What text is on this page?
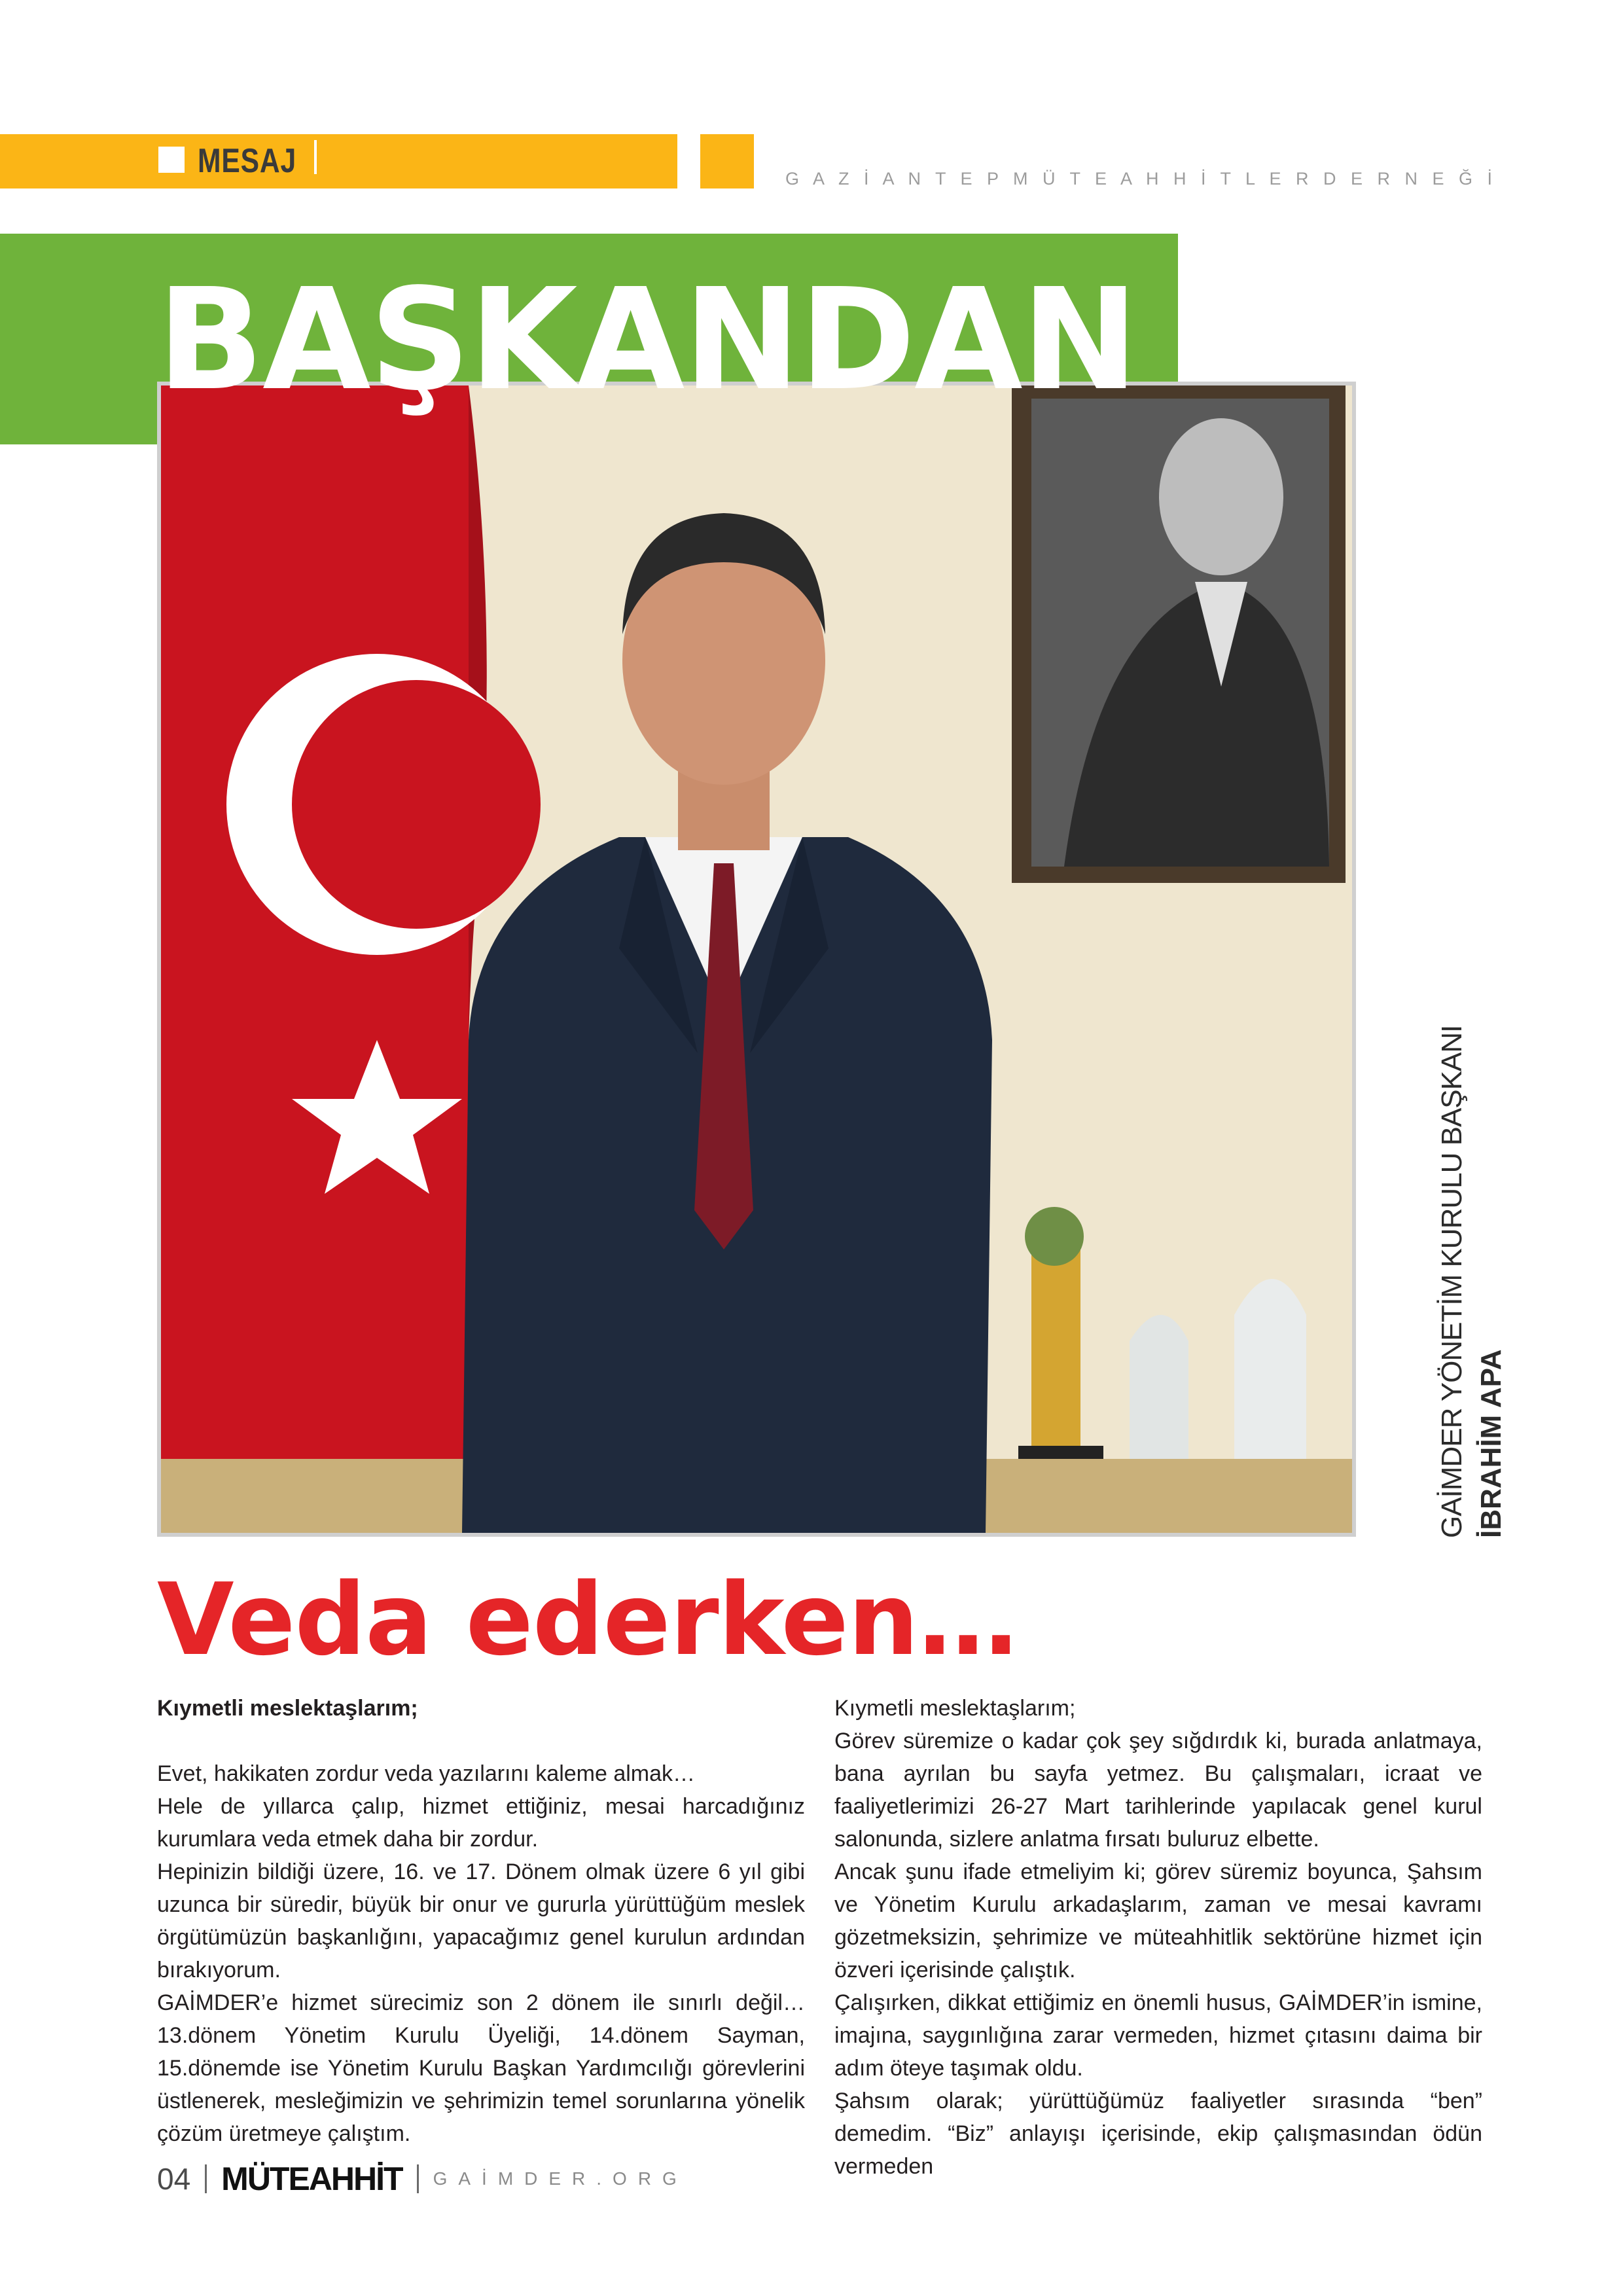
MESAJ	G A Z İ A N T E P M Ü T E A H H İ T L E R D E R N E Ğ İ
BAŞKANDAN
GAİMDER YÖNETİM KURULU BAŞKANI İBRAHİM APA
Veda ederken…

Kıymetli meslektaşlarım;

Evet, hakikaten zordur veda yazılarını kaleme almak…

Hele de yıllarca çalıp, hizmet ettiğiniz, mesai harcadığınız kurumlara veda etmek daha bir zordur.

Hepinizin bildiği üzere, 16. ve 17. Dönem olmak üzere 6 yıl gibi uzunca bir süredir, büyük bir onur ve gururla yürüttüğüm meslek örgütümüzün başkanlığını, yapacağımız genel kurulun ardından bırakıyorum.

GAİMDER’e hizmet sürecimiz son 2 dönem ile sınırlı değil… 13.dönem Yönetim Kurulu Üyeliği, 14.dönem Sayman, 15.dönemde ise Yönetim Kurulu Başkan Yardımcılığı görevlerini üstlenerek, mesleğimizin ve şehrimizin temel sorunlarına yönelik çözüm üretmeye çalıştım.

Kıymetli meslektaşlarım;

Görev süremize o kadar çok şey sığdırdık ki, burada anlatmaya, bana ayrılan bu sayfa yetmez. Bu çalışmaları, icraat ve faaliyetlerimizi 26-27 Mart tarihlerinde yapılacak genel kurul salonunda, sizlere anlatma fırsatı buluruz elbette.

Ancak şunu ifade etmeliyim ki; görev süremiz boyunca, Şahsım ve Yönetim Kurulu arkadaşlarım, zaman ve mesai kavramı gözetmeksizin, şehrimize ve müteahhitlik sektörüne hizmet için özveri içerisinde çalıştık.

Çalışırken, dikkat ettiğimiz en önemli husus, GAİMDER’in ismine, imajına, saygınlığına zarar vermeden, hizmet çıtasını daima bir adım öteye taşımak oldu.

Şahsım olarak; yürüttüğümüz faaliyetler sırasında “ben” demedim. “Biz” anlayışı içerisinde, ekip çalışmasından ödün vermeden

04 MÜTEAHHİT GAİMDER.ORG
